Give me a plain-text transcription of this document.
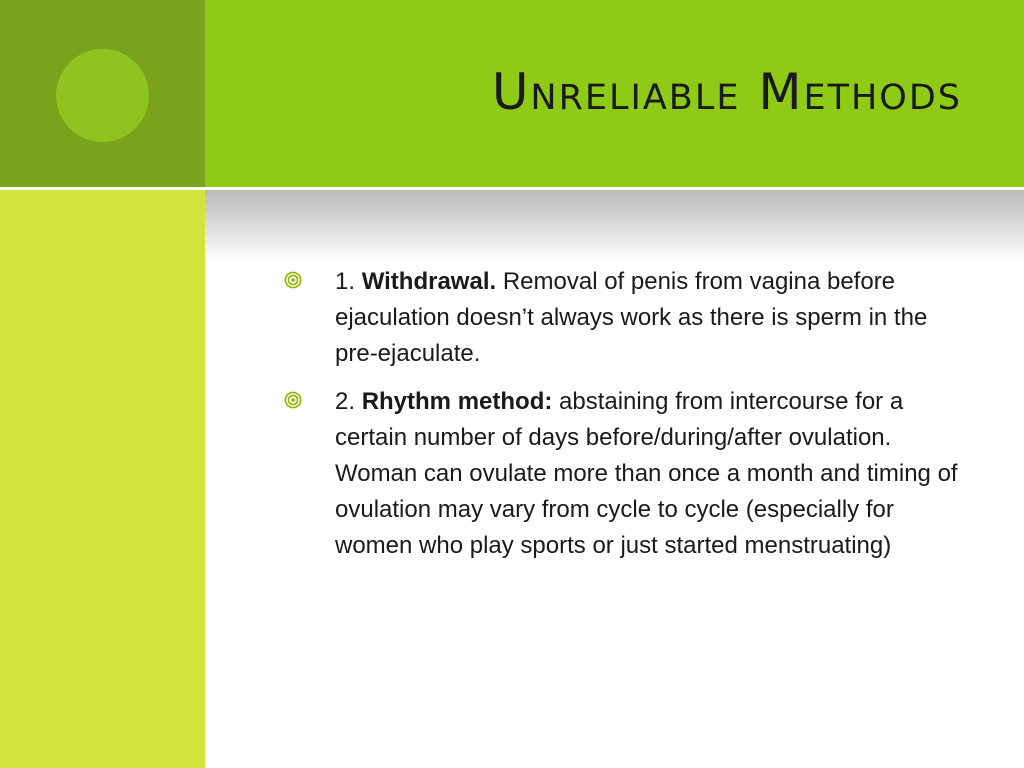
Unreliable Methods
1. Withdrawal. Removal of penis from vagina before ejaculation doesn’t always work as there is sperm in the pre-ejaculate.
2. Rhythm method: abstaining from intercourse for a certain number of days before/during/after ovulation. Woman can ovulate more than once a month and timing of ovulation may vary from cycle to cycle (especially for women who play sports or just started menstruating)
